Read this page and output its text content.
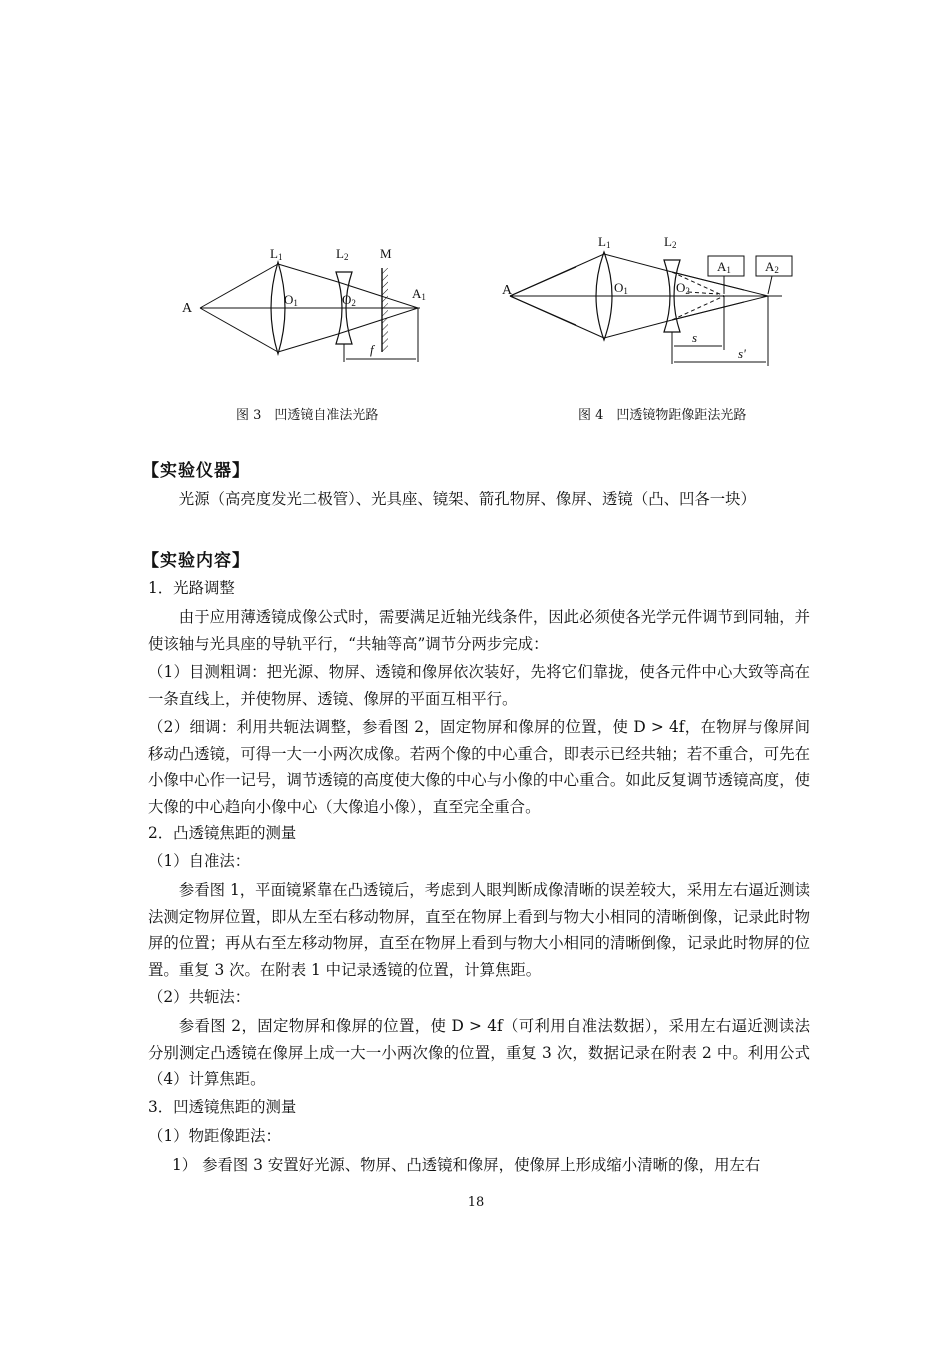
A
L1	L2 M
O1	O2
A1
f
A
L1	L2
O1	O2
A1	A2
s
s'
图 3　凹透镜自准法光路	图 4　凹透镜物距像距法光路
【实验仪器】
光源（高亮度发光二极管）、光具座、镜架、箭孔物屏、像屏、透镜（凸、凹各一块）
【实验内容】
1．光路调整
由于应用薄透镜成像公式时，需要满足近轴光线条件，因此必须使各光学元件调节到同轴，并使该轴与光具座的导轨平行，“共轴等高”调节分两步完成：
（1）目测粗调：把光源、物屏、透镜和像屏依次装好，先将它们靠拢，使各元件中心大致等高在一条直线上，并使物屏、透镜、像屏的平面互相平行。
（2）细调：利用共轭法调整，参看图 2，固定物屏和像屏的位置，使 D > 4f，在物屏与像屏间移动凸透镜，可得一大一小两次成像。若两个像的中心重合，即表示已经共轴；若不重合，可先在小像中心作一记号，调节透镜的高度使大像的中心与小像的中心重合。如此反复调节透镜高度，使大像的中心趋向小像中心（大像追小像），直至完全重合。
2．凸透镜焦距的测量
（1）自准法：
参看图 1，平面镜紧靠在凸透镜后，考虑到人眼判断成像清晰的误差较大，采用左右逼近测读法测定物屏位置，即从左至右移动物屏，直至在物屏上看到与物大小相同的清晰倒像，记录此时物屏的位置；再从右至左移动物屏，直至在物屏上看到与物大小相同的清晰倒像，记录此时物屏的位置。重复 3 次。在附表 1 中记录透镜的位置，计算焦距。
（2）共轭法：
参看图 2，固定物屏和像屏的位置，使 D > 4f（可利用自准法数据），采用左右逼近测读法分别测定凸透镜在像屏上成一大一小两次像的位置，重复 3 次，数据记录在附表 2 中。利用公式（4）计算焦距。
3．凹透镜焦距的测量
（1）物距像距法：
1） 参看图 3 安置好光源、物屏、凸透镜和像屏，使像屏上形成缩小清晰的像，用左右
18
